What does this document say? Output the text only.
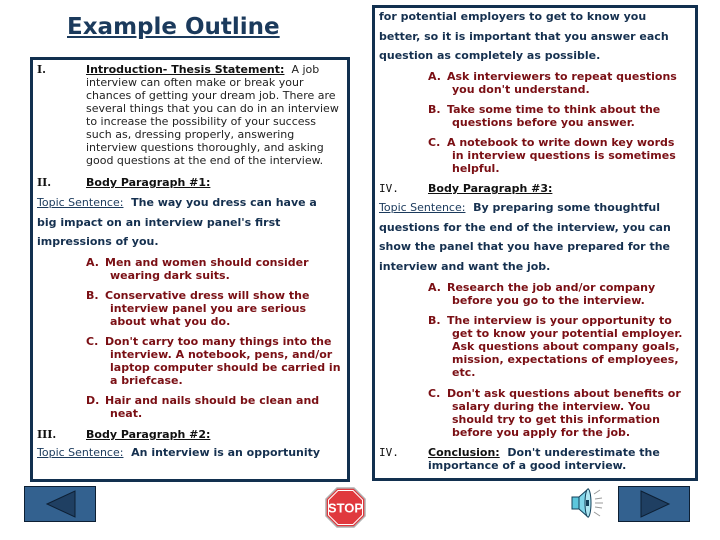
Example Outline
I.	Introduction- Thesis Statement: A job
interview can often make or break your
chances of getting your dream job. There are
several things that you can do in an interview
to increase the possibility of your success
such as, dressing properly, answering
interview questions thoroughly, and asking
good questions at the end of the interview.
II.	Body Paragraph #1:
Topic Sentence: The way you dress can have a
big impact on an interview panel's first
impressions of you.
A. Men and women should consider
wearing dark suits.
B. Conservative dress will show the
interview panel you are serious
about what you do.
C. Don't carry too many things into the
interview. A notebook, pens, and/or
laptop computer should be carried in
a briefcase.
D. Hair and nails should be clean and
neat.
III.	Body Paragraph #2:
Topic Sentence: An interview is an opportunity
for potential employers to get to know you
better, so it is important that you answer each
question as completely as possible.
A. Ask interviewers to repeat questions
you don't understand.
B. Take some time to think about the
questions before you answer.
C. A notebook to write down key words
in interview questions is sometimes
helpful.
IV.	Body Paragraph #3:
Topic Sentence: By preparing some thoughtful
questions for the end of the interview, you can
show the panel that you have prepared for the
interview and want the job.
A. Research the job and/or company
before you go to the interview.
B. The interview is your opportunity to
get to know your potential employer.
Ask questions about company goals,
mission, expectations of employees,
etc.
C. Don't ask questions about benefits or
salary during the interview. You
should try to get this information
before you apply for the job.
IV.	Conclusion: Don't underestimate the
importance of a good interview.
STOP
